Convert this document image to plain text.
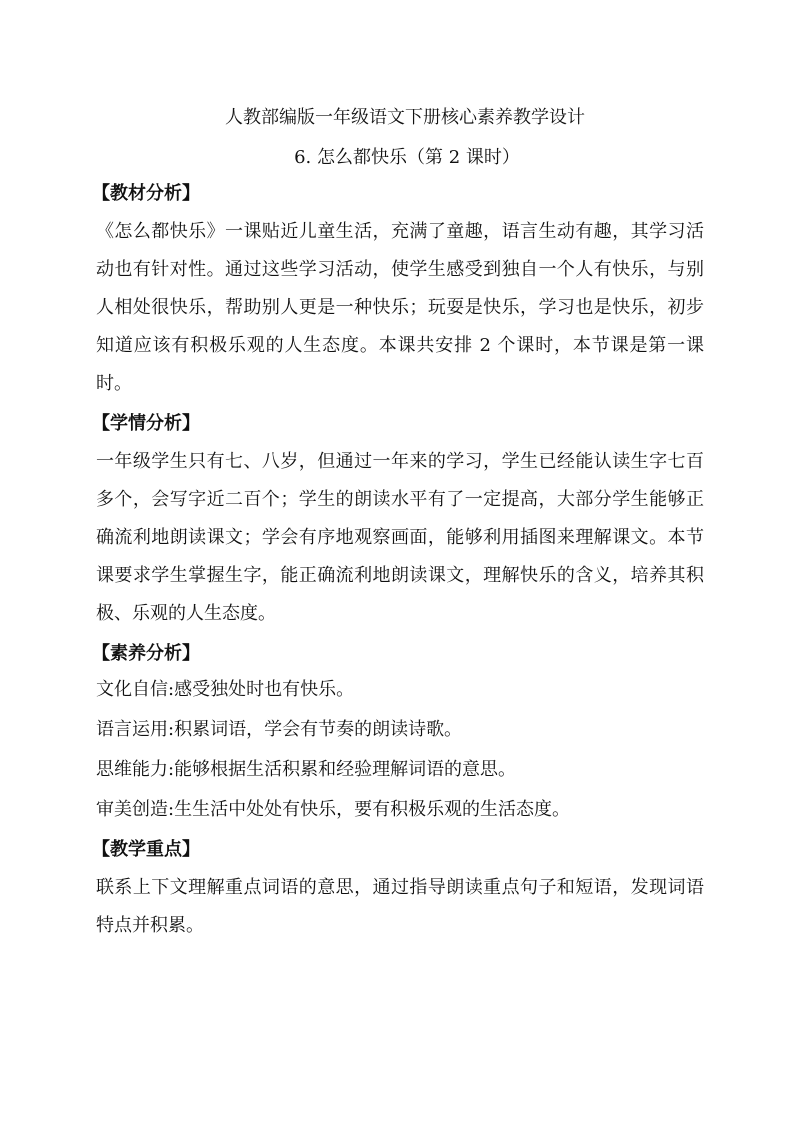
人教部编版一年级语文下册核心素养教学设计

6. 怎么都快乐（第 2 课时）

【教材分析】

《怎么都快乐》一课贴近儿童生活，充满了童趣，语言生动有趣，其学习活动也有针对性。通过这些学习活动，使学生感受到独自一个人有快乐，与别人相处很快乐，帮助别人更是一种快乐；玩耍是快乐，学习也是快乐，初步知道应该有积极乐观的人生态度。本课共安排 2 个课时，本节课是第一课时。

【学情分析】

一年级学生只有七、八岁，但通过一年来的学习，学生已经能认读生字七百多个，会写字近二百个；学生的朗读水平有了一定提高，大部分学生能够正确流利地朗读课文；学会有序地观察画面，能够利用插图来理解课文。本节课要求学生掌握生字，能正确流利地朗读课文，理解快乐的含义，培养其积极、乐观的人生态度。

【素养分析】

文化自信:感受独处时也有快乐。

语言运用:积累词语，学会有节奏的朗读诗歌。

思维能力:能够根据生活积累和经验理解词语的意思。

审美创造:生生活中处处有快乐，要有积极乐观的生活态度。

【教学重点】

联系上下文理解重点词语的意思，通过指导朗读重点句子和短语，发现词语特点并积累。
